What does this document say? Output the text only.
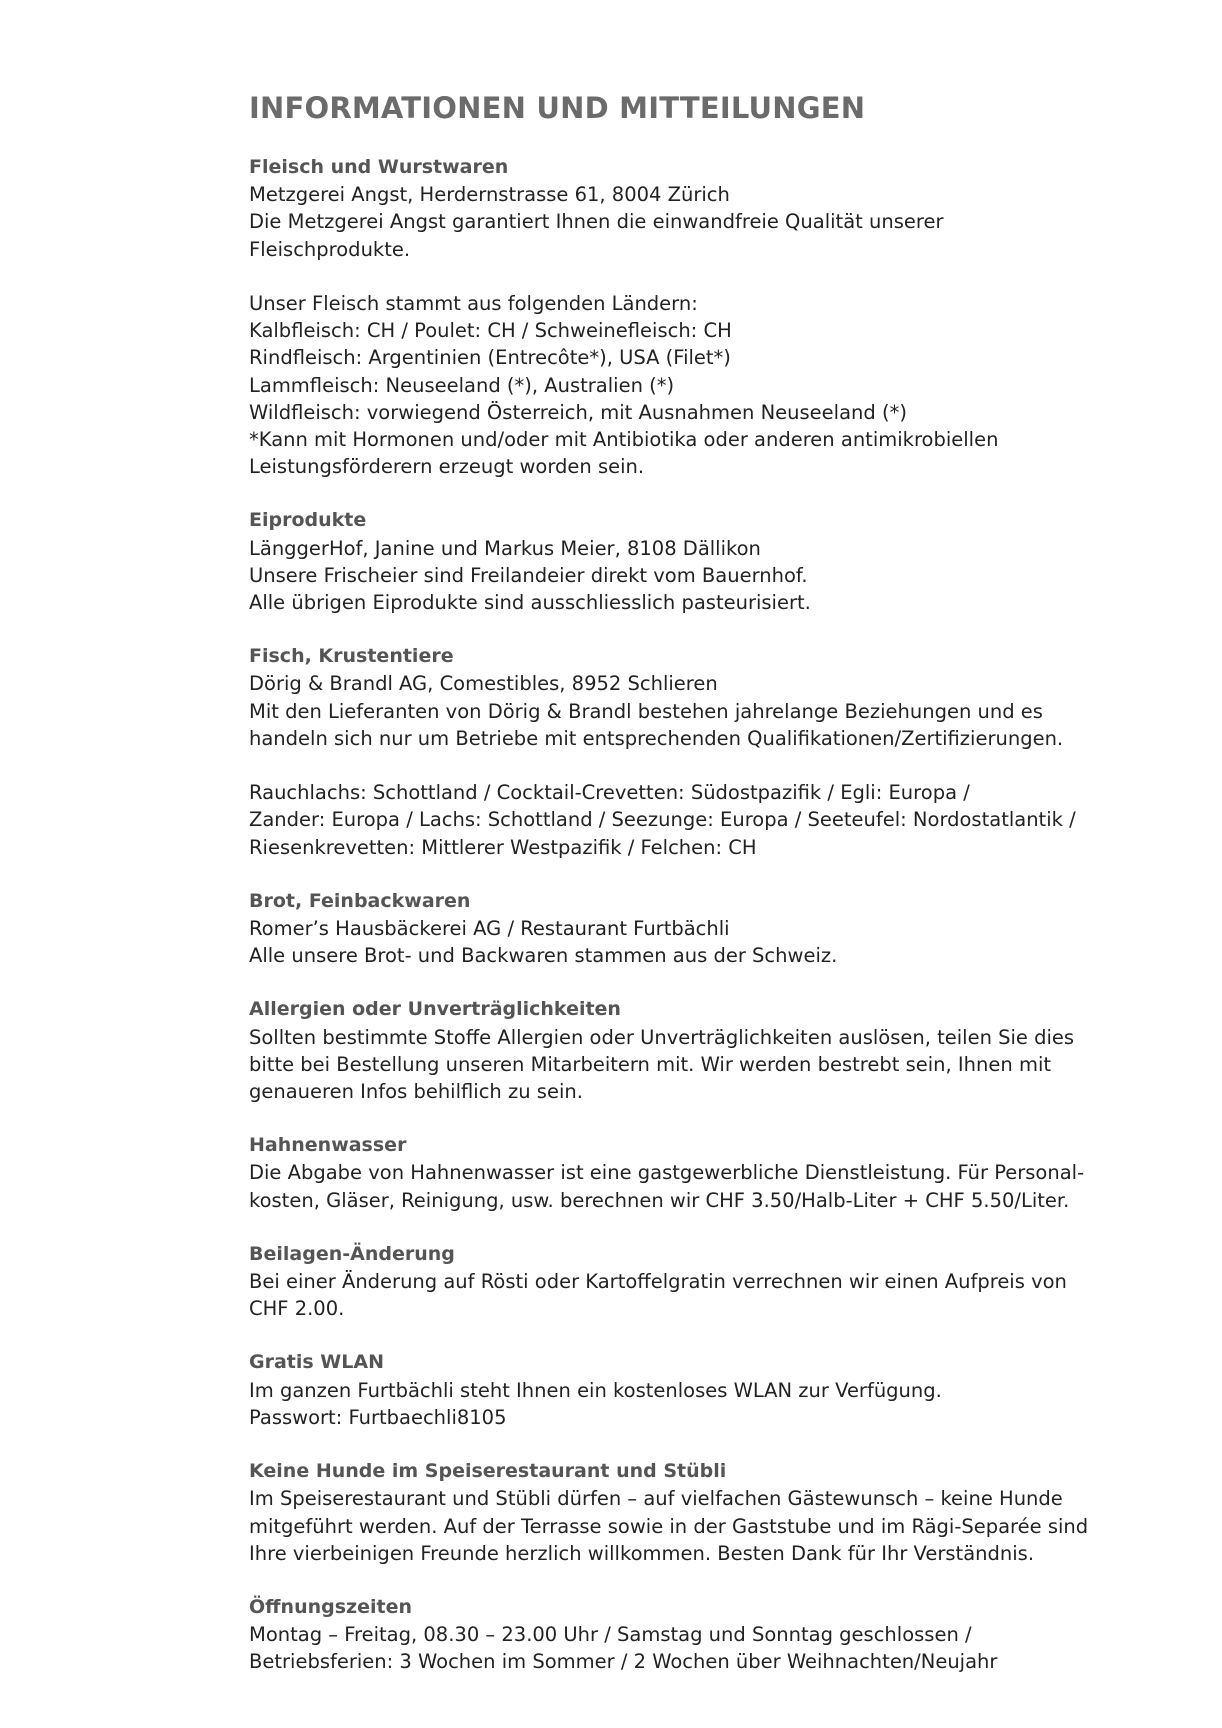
INFORMATIONEN UND MITTEILUNGEN
Fleisch und Wurstwaren

Metzgerei Angst, Herdernstrasse 61, 8004 Zürich

Die Metzgerei Angst garantiert Ihnen die einwandfreie Qualität unserer

Fleischprodukte.

Unser Fleisch stammt aus folgenden Ländern:

Kalbfleisch: CH / Poulet: CH / Schweinefleisch: CH

Rindfleisch: Argentinien (Entrecôte*), USA (Filet*)

Lammfleisch: Neuseeland (*), Australien (*)

Wildfleisch: vorwiegend Österreich, mit Ausnahmen Neuseeland (*)

*Kann mit Hormonen und/oder mit Antibiotika oder anderen antimikrobiellen

Leistungsförderern erzeugt worden sein.

Eiprodukte

LänggerHof, Janine und Markus Meier, 8108 Dällikon

Unsere Frischeier sind Freilandeier direkt vom Bauernhof.

Alle übrigen Eiprodukte sind ausschliesslich pasteurisiert.

Fisch, Krustentiere

Dörig & Brandl AG, Comestibles, 8952 Schlieren

Mit den Lieferanten von Dörig & Brandl bestehen jahrelange Beziehungen und es

handeln sich nur um Betriebe mit entsprechenden Qualifikationen/Zertifizierungen.

Rauchlachs: Schottland / Cocktail-Crevetten: Südostpazifik / Egli: Europa /

Zander: Europa / Lachs: Schottland / Seezunge: Europa / Seeteufel: Nordostatlantik /

Riesenkrevetten: Mittlerer Westpazifik / Felchen: CH

Brot, Feinbackwaren

Romer’s Hausbäckerei AG / Restaurant Furtbächli

Alle unsere Brot- und Backwaren stammen aus der Schweiz.

Allergien oder Unverträglichkeiten

Sollten bestimmte Stoffe Allergien oder Unverträglichkeiten auslösen, teilen Sie dies

bitte bei Bestellung unseren Mitarbeitern mit. Wir werden bestrebt sein, Ihnen mit

genaueren Infos behilflich zu sein.

Hahnenwasser

Die Abgabe von Hahnenwasser ist eine gastgewerbliche Dienstleistung. Für Personal-

kosten, Gläser, Reinigung, usw. berechnen wir CHF 3.50/Halb-Liter + CHF 5.50/Liter.

Beilagen-Änderung

Bei einer Änderung auf Rösti oder Kartoffelgratin verrechnen wir einen Aufpreis von

CHF 2.00.

Gratis WLAN

Im ganzen Furtbächli steht Ihnen ein kostenloses WLAN zur Verfügung.

Passwort: Furtbaechli8105

Keine Hunde im Speiserestaurant und Stübli

Im Speiserestaurant und Stübli dürfen – auf vielfachen Gästewunsch – keine Hunde

mitgeführt werden. Auf der Terrasse sowie in der Gaststube und im Rägi-Separée sind

Ihre vierbeinigen Freunde herzlich willkommen. Besten Dank für Ihr Verständnis.

Öffnungszeiten

Montag – Freitag, 08.30 – 23.00 Uhr / Samstag und Sonntag geschlossen /

Betriebsferien: 3 Wochen im Sommer / 2 Wochen über Weihnachten/Neujahr
